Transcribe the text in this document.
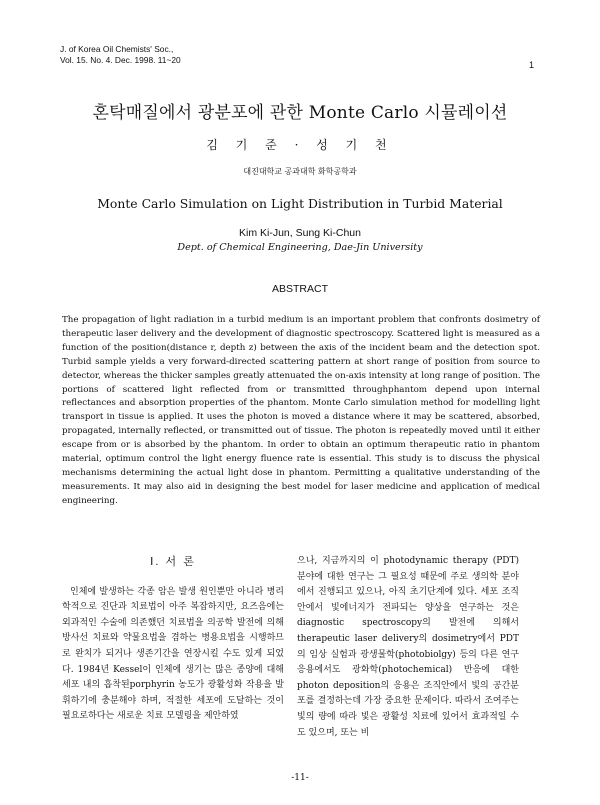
J. of Korea Oil Chemists' Soc.,
Vol. 15. No. 4. Dec. 1998. 11~20	1
혼탁매질에서 광분포에 관한 Monte Carlo 시뮬레이션
김 기 준 · 성 기 천
대진대학교 공과대학 화학공학과
Monte Carlo Simulation on Light Distribution in Turbid Material
Kim Ki-Jun, Sung Ki-Chun
Dept. of Chemical Engineering, Dae-Jin University
ABSTRACT

The propagation of light radiation in a turbid medium is an important problem that confronts dosimetry of therapeutic laser delivery and the development of diagnostic spectroscopy. Scattered light is measured as a function of the position(distance r, depth z) between the axis of the incident beam and the detection spot. Turbid sample yields a very forward-directed scattering pattern at short range of position from source to detector, whereas the thicker samples greatly attenuated the on-axis intensity at long range of position. The portions of scattered light reflected from or transmitted throughphantom depend upon internal reflectances and absorption properties of the phantom. Monte Carlo simulation method for modelling light transport in tissue is applied. It uses the photon is moved a distance where it may be scattered, absorbed, propagated, internally reflected, or transmitted out of tissue. The photon is repeatedly moved until it either escape from or is absorbed by the phantom. In order to obtain an optimum therapeutic ratio in phantom material, optimum control the light energy fluence rate is essential. This study is to discuss the physical mechanisms determining the actual light dose in phantom. Permitting a qualitative understanding of the measurements. It may also aid in designing the best model for laser medicine and application of medical engineering.

Ⅰ. 서 론

인체에 발생하는 각종 암은 발생 원인뿐만 아니라 병리학적으로 진단과 치료법이 아주 복잡하지만, 요즈음에는 외과적인 수술에 의존했던 치료법을 의공학 발전에 의해 방사선 치료와 약물요법을 겸하는 병용요법을 시행하므로 완치가 되거나 생존기간을 연장시킬 수도 있게 되었다. 1984년 Kessel이 인체에 생기는 많은 종양에 대해 세포 내의 흡착된porphyrin 농도가 광활성화 작용을 발휘하기에 충분해야 하며, 적절한 세포에 도달하는 것이 필요로하다는 새로운 치료 모델링을 제안하였

으나, 지금까지의 이 photodynamic therapy (PDT) 분야에 대한 연구는 그 필요성 때문에 주로 생의학 분야에서 진행되고 있으나, 아직 초기단계에 있다. 세포 조직안에서 빛에너지가 전파되는 양상을 연구하는 것은 diagnostic spectroscopy의 발전에 의해서 therapeutic laser delivery의 dosimetry에서 PDT의 임상 실험과 광생물학(photobiolgy) 등의 다른 연구 응용에서도 광화학(photochemical) 반응에 대한 photon deposition의 응용은 조직안에서 빛의 공간분포를 결정하는데 가장 중요한 문제이다. 따라서 조여주는 빛의 량에 따라 빛은 광활성 치료에 있어서 효과적일 수도 있으며, 또는 비

-11-
